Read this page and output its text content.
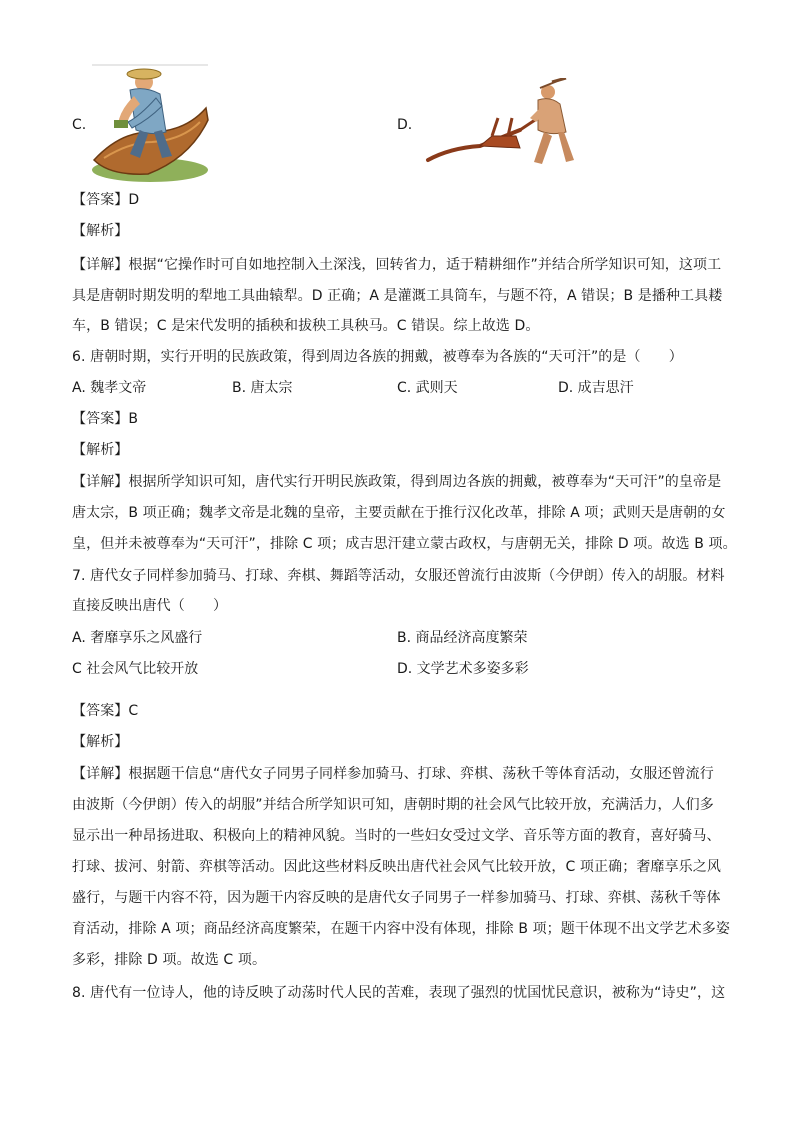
C.	D.
【答案】D
【解析】
【详解】根据“它操作时可自如地控制入土深浅，回转省力，适于精耕细作”并结合所学知识可知，这项工
具是唐朝时期发明的犁地工具曲辕犁。D 正确；A 是灌溉工具筒车，与题不符，A 错误；B 是播种工具耧
车，B 错误；C 是宋代发明的插秧和拔秧工具秧马。C 错误。综上故选 D。
6. 唐朝时期，实行开明的民族政策，得到周边各族的拥戴，被尊奉为各族的“天可汗”的是（　　）
A. 魏孝文帝	B. 唐太宗	C. 武则天	D. 成吉思汗
【答案】B
【解析】
【详解】根据所学知识可知，唐代实行开明民族政策，得到周边各族的拥戴，被尊奉为“天可汗”的皇帝是
唐太宗，B 项正确；魏孝文帝是北魏的皇帝，主要贡献在于推行汉化改革，排除 A 项；武则天是唐朝的女
皇，但并未被尊奉为“天可汗”，排除 C 项；成吉思汗建立蒙古政权，与唐朝无关，排除 D 项。故选 B 项。
7. 唐代女子同样参加骑马、打球、奔棋、舞蹈等活动，女服还曾流行由波斯（今伊朗）传入的胡服。材料
直接反映出唐代（　　）
A. 奢靡享乐之风盛行	B. 商品经济高度繁荣
C 社会风气比较开放	D. 文学艺术多姿多彩
【答案】C
【解析】
【详解】根据题干信息“唐代女子同男子同样参加骑马、打球、弈棋、荡秋千等体育活动，女服还曾流行
由波斯（今伊朗）传入的胡服”并结合所学知识可知，唐朝时期的社会风气比较开放，充满活力，人们多
显示出一种昂扬进取、积极向上的精神风貌。当时的一些妇女受过文学、音乐等方面的教育，喜好骑马、
打球、拔河、射箭、弈棋等活动。因此这些材料反映出唐代社会风气比较开放，C 项正确；奢靡享乐之风
盛行，与题干内容不符，因为题干内容反映的是唐代女子同男子一样参加骑马、打球、弈棋、荡秋千等体
育活动，排除 A 项；商品经济高度繁荣，在题干内容中没有体现，排除 B 项；题干体现不出文学艺术多姿
多彩，排除 D 项。故选 C 项。
8. 唐代有一位诗人，他的诗反映了动荡时代人民的苦难，表现了强烈的忧国忧民意识，被称为“诗史”，这
